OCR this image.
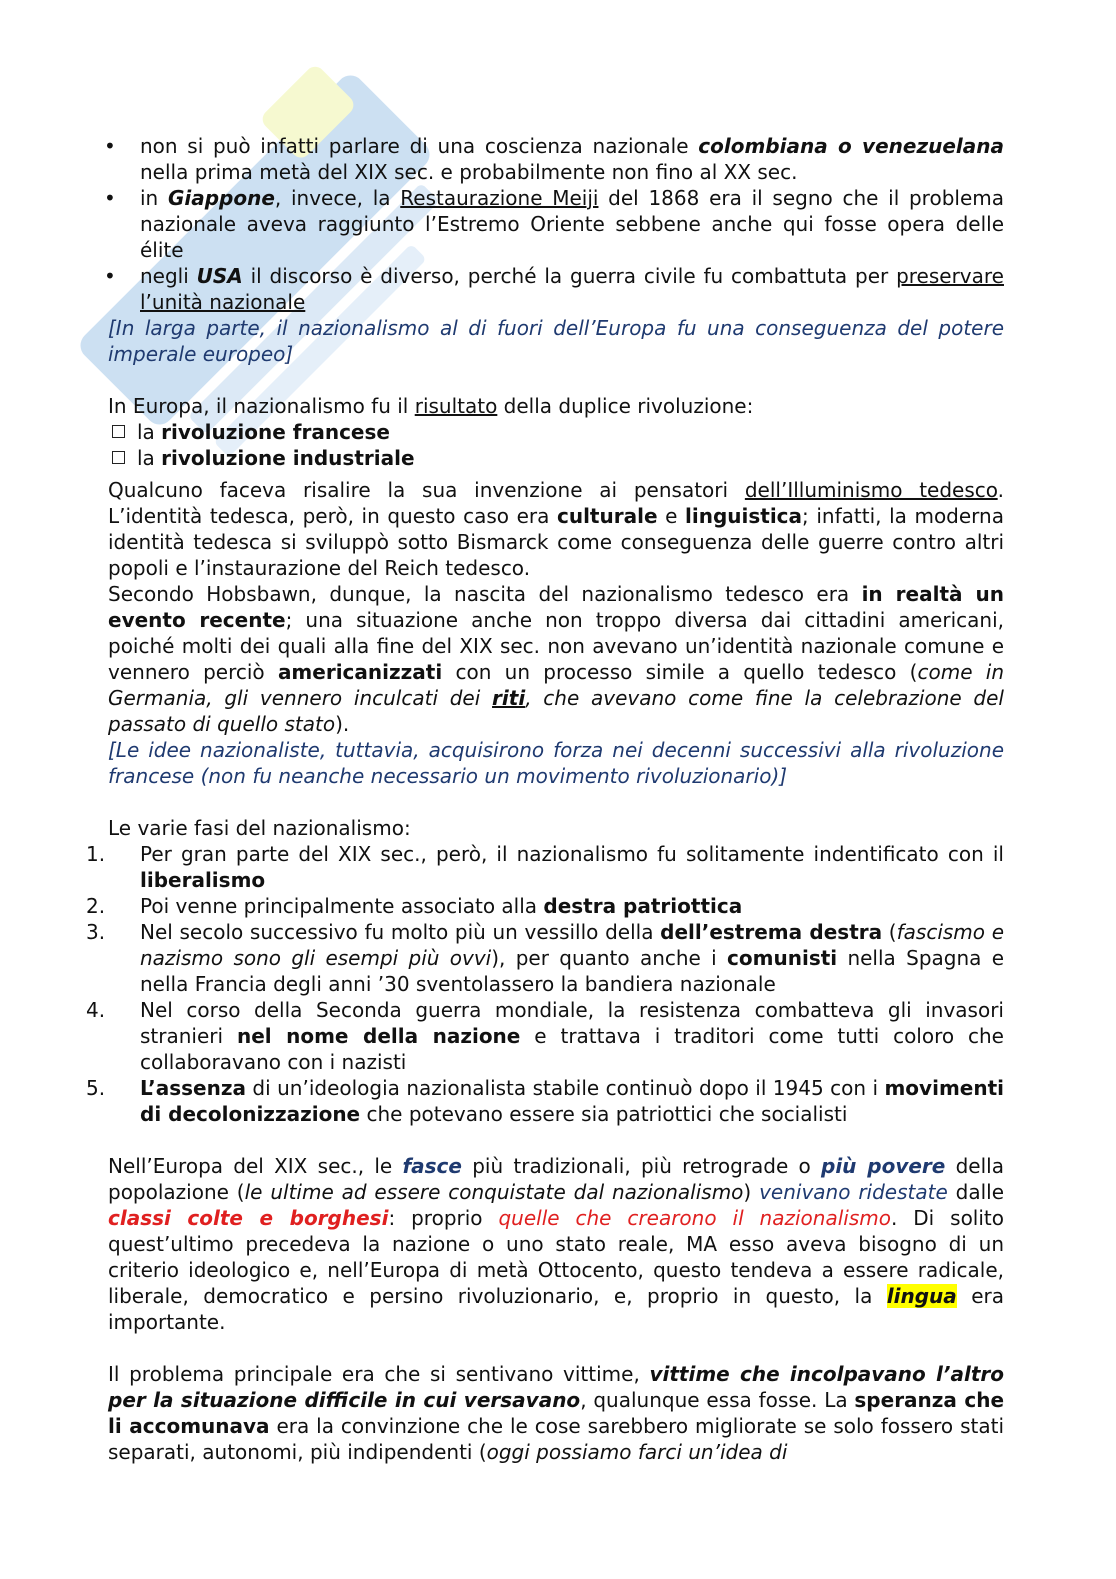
• non si può infatti parlare di una coscienza nazionale colombiana o venezuelana nella prima metà del XIX sec. e probabilmente non fino al XX sec.
• in Giappone, invece, la Restaurazione Meiji del 1868 era il segno che il problema nazionale aveva raggiunto l’Estremo Oriente sebbene anche qui fosse opera delle élite
• negli USA il discorso è diverso, perché la guerra civile fu combattuta per preservare l’unità nazionale

[In larga parte, il nazionalismo al di fuori dell’Europa fu una conseguenza del potere imperale europeo]

In Europa, il nazionalismo fu il risultato della duplice rivoluzione:

la rivoluzione francese
la rivoluzione industriale

Qualcuno faceva risalire la sua invenzione ai pensatori dell’Illuminismo tedesco. L’identità tedesca, però, in questo caso era culturale e linguistica; infatti, la moderna identità tedesca si sviluppò sotto Bismarck come conseguenza delle guerre contro altri popoli e l’instaurazione del Reich tedesco.

Secondo Hobsbawn, dunque, la nascita del nazionalismo tedesco era in realtà un evento recente; una situazione anche non troppo diversa dai cittadini americani, poiché molti dei quali alla fine del XIX sec. non avevano un’identità nazionale comune e vennero perciò americanizzati con un processo simile a quello tedesco (come in Germania, gli vennero inculcati dei riti, che avevano come fine la celebrazione del passato di quello stato).

[Le idee nazionaliste, tuttavia, acquisirono forza nei decenni successivi alla rivoluzione francese (non fu neanche necessario un movimento rivoluzionario)]

Le varie fasi del nazionalismo:

1. Per gran parte del XIX sec., però, il nazionalismo fu solitamente indentificato con il liberalismo
2. Poi venne principalmente associato alla destra patriottica
3. Nel secolo successivo fu molto più un vessillo della dell’estrema destra (fascismo e nazismo sono gli esempi più ovvi), per quanto anche i comunisti nella Spagna e nella Francia degli anni ’30 sventolassero la bandiera nazionale
4. Nel corso della Seconda guerra mondiale, la resistenza combatteva gli invasori stranieri nel nome della nazione e trattava i traditori come tutti coloro che collaboravano con i nazisti
5. L’assenza di un’ideologia nazionalista stabile continuò dopo il 1945 con i movimenti di decolonizzazione che potevano essere sia patriottici che socialisti

Nell’Europa del XIX sec., le fasce più tradizionali, più retrograde o più povere della popolazione (le ultime ad essere conquistate dal nazionalismo) venivano ridestate dalle classi colte e borghesi: proprio quelle che crearono il nazionalismo. Di solito quest’ultimo precedeva la nazione o uno stato reale, MA esso aveva bisogno di un criterio ideologico e, nell’Europa di metà Ottocento, questo tendeva a essere radicale, liberale, democratico e persino rivoluzionario, e, proprio in questo, la lingua era importante.

Il problema principale era che si sentivano vittime, vittime che incolpavano l’altro per la situazione difficile in cui versavano, qualunque essa fosse. La speranza che li accomunava era la convinzione che le cose sarebbero migliorate se solo fossero stati separati, autonomi, più indipendenti (oggi possiamo farci un’idea di
